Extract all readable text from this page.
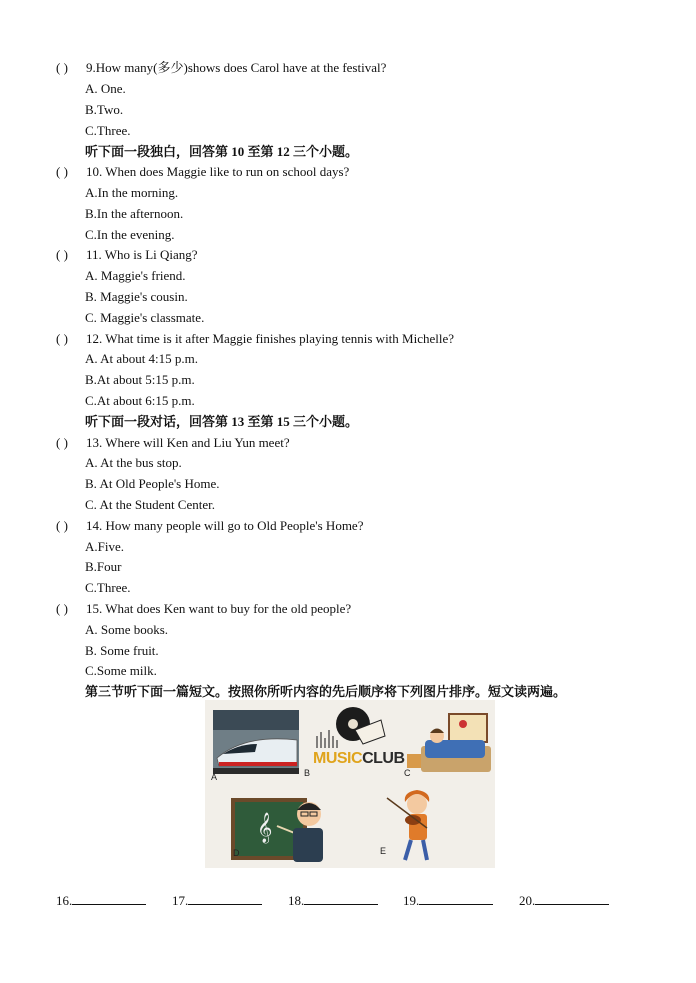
( ) 9.How many(多少)shows does Carol have at the festival?
A. One.
B.Two.
C.Three.
听下面一段独白，回答第 10 至第 12 三个小题。
( ) 10. When does Maggie like to run on school days?
A.In the morning.
B.In the afternoon.
C.In the evening.
( ) 11. Who is Li Qiang?
A. Maggie's friend.
B. Maggie's cousin.
C. Maggie's classmate.
( ) 12. What time is it after Maggie finishes playing tennis with Michelle?
A. At about 4:15 p.m.
B.At about 5:15 p.m.
C.At about 6:15 p.m.
听下面一段对话，回答第 13 至第 15 三个小题。
( ) 13. Where will Ken and Liu Yun meet?
A. At the bus stop.
B. At Old People's Home.
C. At the Student Center.
( ) 14. How many people will go to Old People's Home?
A.Five.
B.Four
C.Three.
( ) 15. What does Ken want to buy for the old people?
A. Some books.
B. Some fruit.
C.Some milk.
第三节听下面一篇短文。按照你所听内容的先后顺序将下列图片排序。短文读两遍。
𝄞
MUSICCLUB
A	B	C
D	E
16.	17.	18.	19.	20.
